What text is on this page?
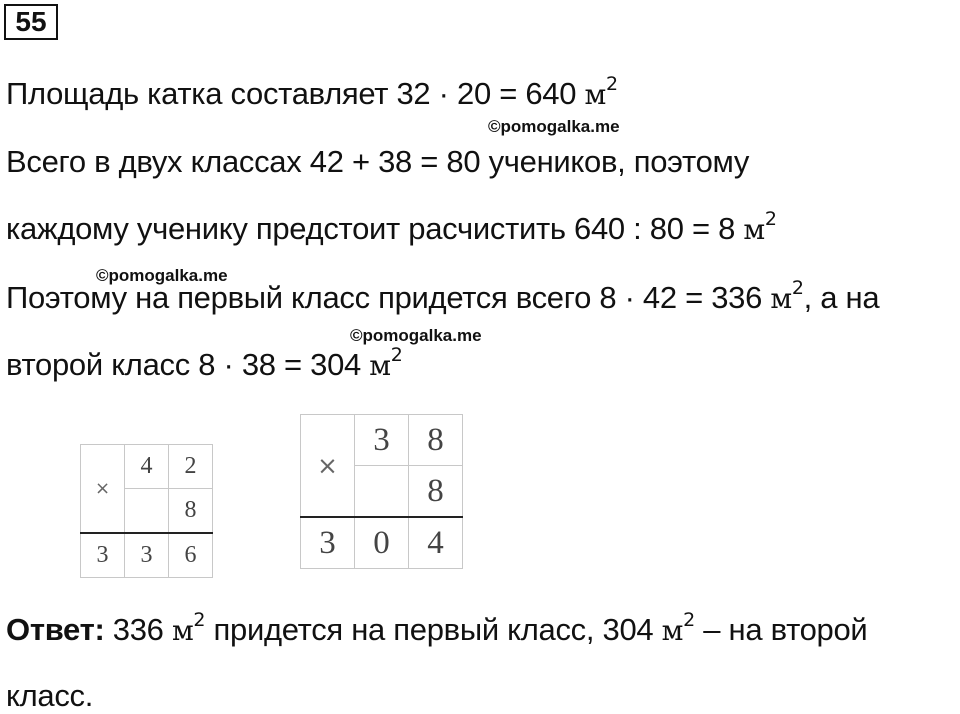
55
Площадь катка составляет 32 · 20 = 640 $м^2$
©pomogalka.me
Всего в двух классах 42 + 38 = 80 учеников, поэтому
каждому ученику предстоит расчистить 640 : 80 = 8 $м^2$
©pomogalka.me
Поэтому на первый класс придется всего 8 · 42 = 336 $м^2$, а на
©pomogalka.me
второй класс 8 · 38 = 304 $м^2$
×	4	2
		8
3	3	6
×	3	8
		8
3	0	4
Ответ: 336 $м^2$ придется на первый класс, 304 $м^2$ – на второй
класс.
